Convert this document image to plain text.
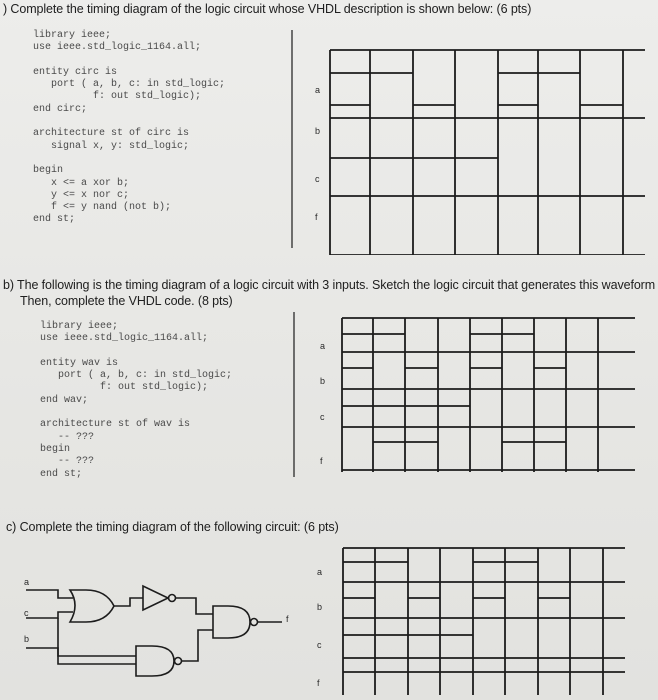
) Complete the timing diagram of the logic circuit whose VHDL description is shown below: (6 pts)
library ieee;
use ieee.std_logic_1164.all;

entity circ is
port ( a, b, c: in std_logic;
f: out std_logic);
end circ;

architecture st of circ is
signal x, y: std_logic;

begin
x <= a xor b;
y <= x nor c;
f <= y nand (not b);
end st;

a
b
c
f
b) The following is the timing diagram of a logic circuit with 3 inputs. Sketch the logic circuit that generates this waveform
Then, complete the VHDL code. (8 pts)
library ieee;
use ieee.std_logic_1164.all;

entity wav is
port ( a, b, c: in std_logic;
f: out std_logic);
end wav;

architecture st of wav is
-- ???
begin
-- ???
end st;

a
b
c
f
c) Complete the timing diagram of the following circuit: (6 pts)
a
c
b
f
a
b
c
f
